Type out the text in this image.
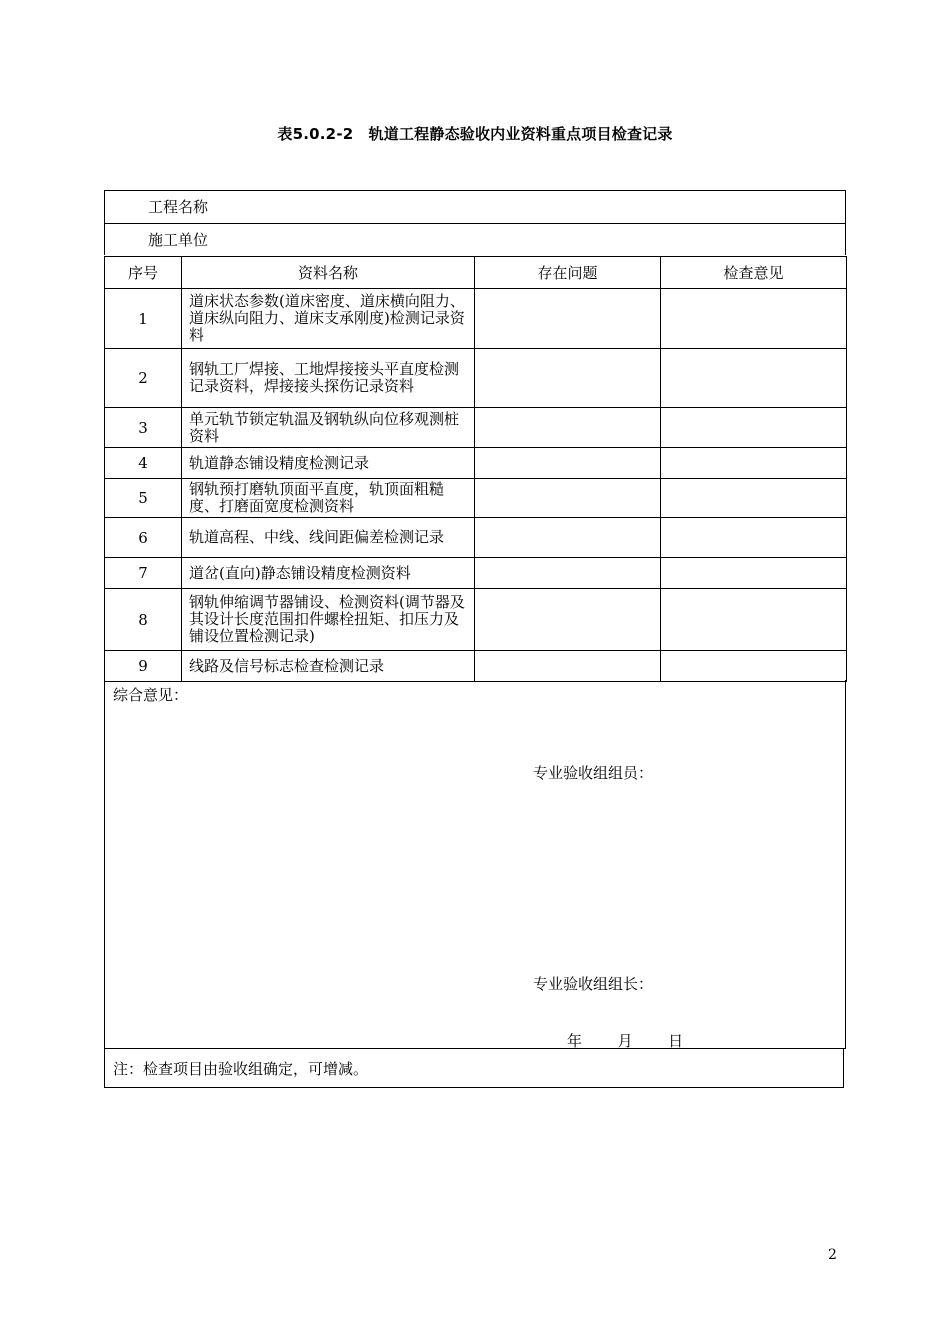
表5.0.2-2　轨道工程静态验收内业资料重点项目检查记录
工程名称
施工单位
序号	资料名称	存在问题	检查意见
1	道床状态参数(道床密度、道床横向阻力、道床纵向阻力、道床支承刚度)检测记录资料		
2	钢轨工厂焊接、工地焊接接头平直度检测记录资料，焊接接头探伤记录资料		
3	单元轨节锁定轨温及钢轨纵向位移观测桩资料		
4	轨道静态铺设精度检测记录		
5	钢轨预打磨轨顶面平直度，轨顶面粗糙度、打磨面宽度检测资料		
6	轨道高程、中线、线间距偏差检测记录		
7	道岔(直向)静态铺设精度检测资料		
8	钢轨伸缩调节器铺设、检测资料(调节器及其设计长度范围扣件螺栓扭矩、扣压力及铺设位置检测记录)		
9	线路及信号标志检查检测记录		
综合意见：
专业验收组组员：
专业验收组组长：
年 月 日
注：检查项目由验收组确定，可增减。
2
